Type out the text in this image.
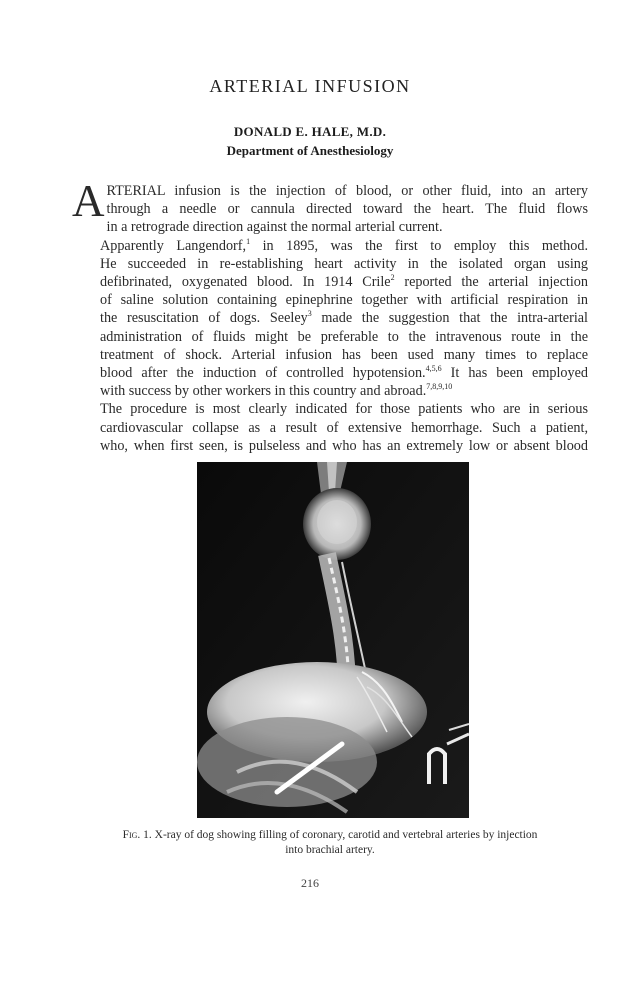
ARTERIAL INFUSION
DONALD E. HALE, M.D.
Department of Anesthesiology

A RTERIAL infusion is the injection of blood, or other fluid, into an artery
through a needle or cannula directed toward the heart. The fluid flows
in a retrograde direction against the normal arterial current.

Apparently Langendorf,$^1$ in 1895, was the first to employ this method.
He succeeded in re-establishing heart activity in the isolated organ using
defibrinated, oxygenated blood. In 1914 Crile$^2$ reported the arterial injection
of saline solution containing epinephrine together with artificial respiration in
the resuscitation of dogs. Seeley$^3$ made the suggestion that the intra-arterial
administration of fluids might be preferable to the intravenous route in the
treatment of shock. Arterial infusion has been used many times to replace
blood after the induction of controlled hypotension.$^{4,5,6}$ It has been employed
with success by other workers in this country and abroad.$^{7,8,9,10}$

The procedure is most clearly indicated for those patients who are in serious
cardiovascular collapse as a result of extensive hemorrhage. Such a patient,
who, when first seen, is pulseless and who has an extremely low or absent blood

Fig. 1. X-ray of dog showing filling of coronary, carotid and vertebral arteries by injection
into brachial artery.
216
